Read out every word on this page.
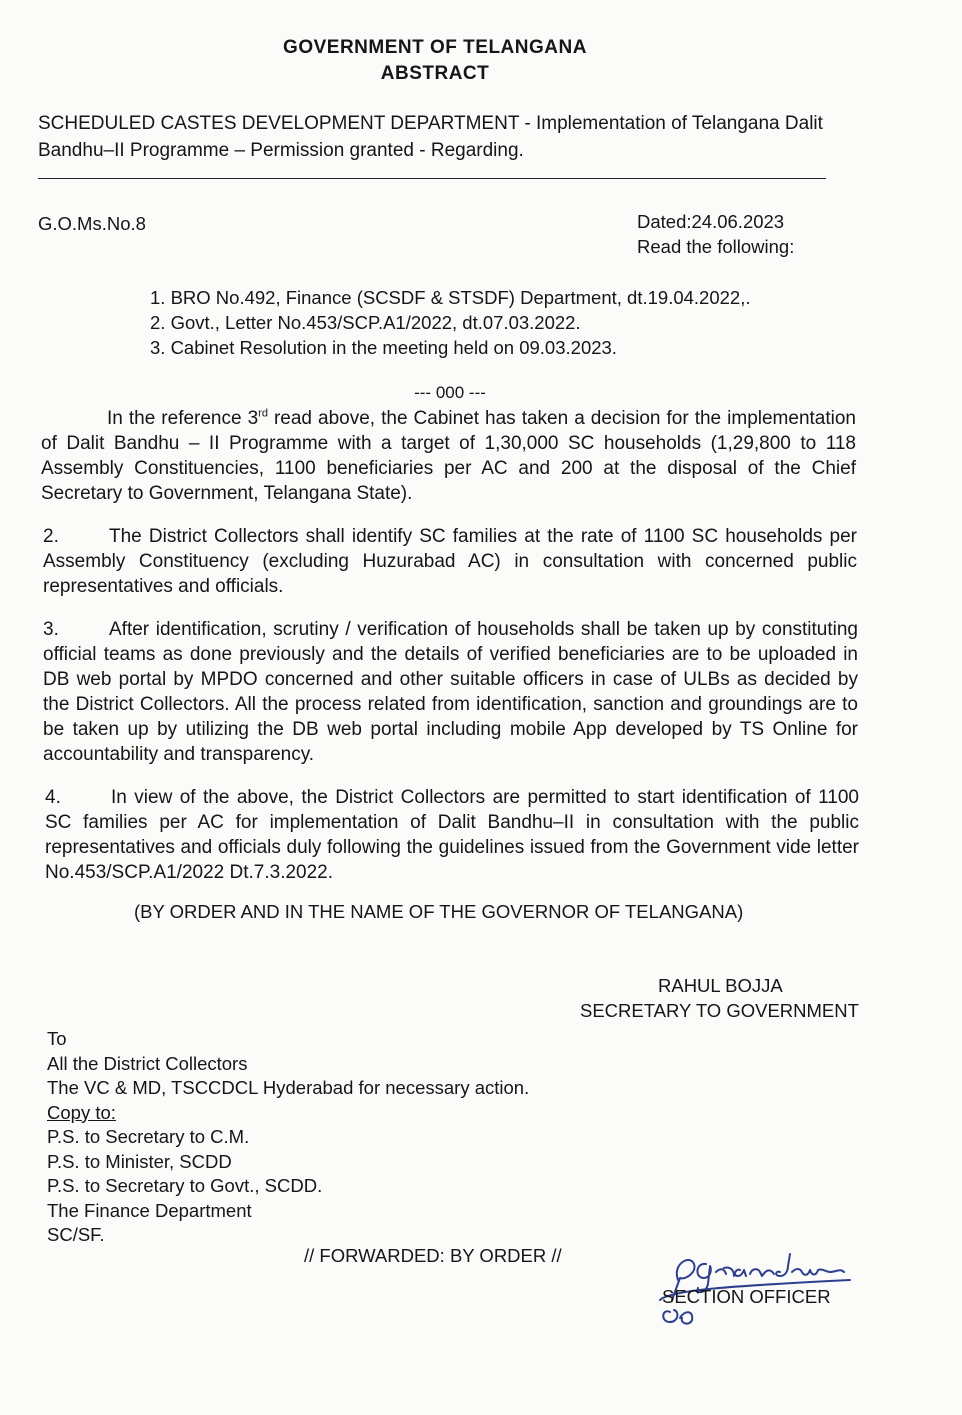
GOVERNMENT OF TELANGANA
ABSTRACT
SCHEDULED CASTES DEVELOPMENT DEPARTMENT - Implementation of Telangana Dalit
Bandhu–II Programme – Permission granted - Regarding.
G.O.Ms.No.8	Dated:24.06.2023
Read the following:
1. BRO No.492, Finance (SCSDF & STSDF) Department, dt.19.04.2022,.
2. Govt., Letter No.453/SCP.A1/2022, dt.07.03.2022.
3. Cabinet Resolution in the meeting held on 09.03.2023.
--- 000 ---
In the reference 3rd read above, the Cabinet has taken a decision for the implementation of Dalit Bandhu – II Programme with a target of 1,30,000 SC households (1,29,800 to 118 Assembly Constituencies, 1100 beneficiaries per AC and 200 at the disposal of the Chief Secretary to Government, Telangana State).
2.	The District Collectors shall identify SC families at the rate of 1100 SC households per Assembly Constituency (excluding Huzurabad AC) in consultation with concerned public representatives and officials.
3.	After identification, scrutiny / verification of households shall be taken up by constituting official teams as done previously and the details of verified beneficiaries are to be uploaded in DB web portal by MPDO concerned and other suitable officers in case of ULBs as decided by the District Collectors. All the process related from identification, sanction and groundings are to be taken up by utilizing the DB web portal including mobile App developed by TS Online for accountability and transparency.
4.	In view of the above, the District Collectors are permitted to start identification of 1100 SC families per AC for implementation of Dalit Bandhu–II in consultation with the public representatives and officials duly following the guidelines issued from the Government vide letter No.453/SCP.A1/2022 Dt.7.3.2022.
(BY ORDER AND IN THE NAME OF THE GOVERNOR OF TELANGANA)
RAHUL BOJJA
SECRETARY TO GOVERNMENT
To
All the District Collectors
The VC & MD, TSCCDCL Hyderabad for necessary action.
Copy to:
P.S. to Secretary to C.M.
P.S. to Minister, SCDD
P.S. to Secretary to Govt., SCDD.
The Finance Department
SC/SF.
// FORWARDED: BY ORDER //
SECTION OFFICER
